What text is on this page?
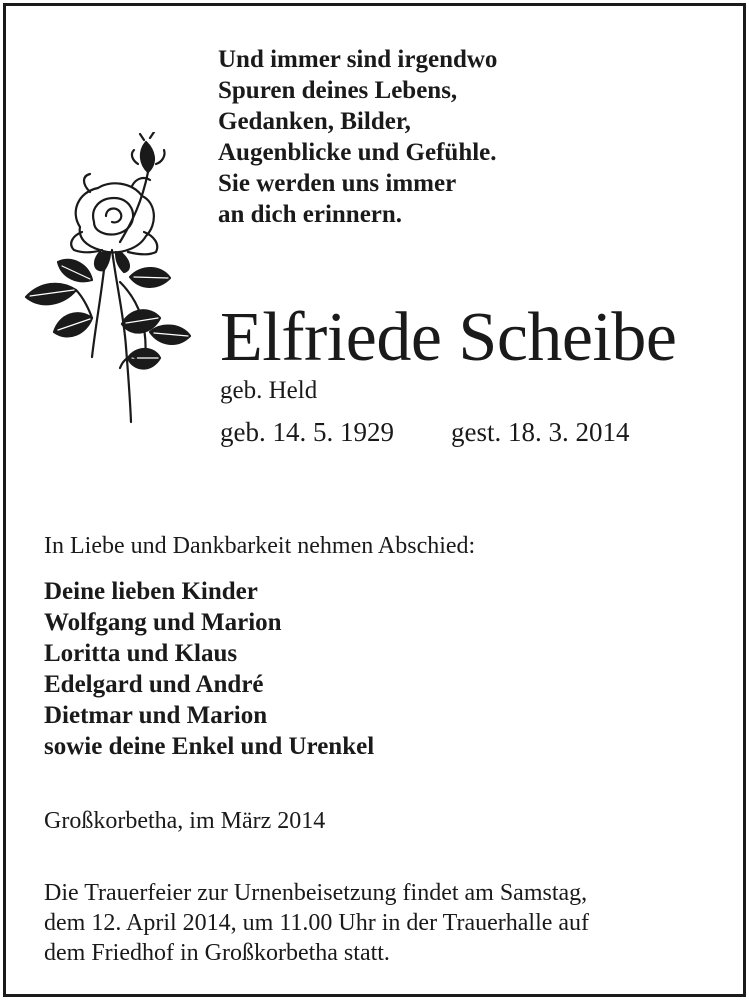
Und immer sind irgendwo
Spuren deines Lebens,
Gedanken, Bilder,
Augenblicke und Gefühle.
Sie werden uns immer
an dich erinnern.
Elfriede Scheibe
geb. Held
geb. 14. 5. 1929 gest. 18. 3. 2014
In Liebe und Dankbarkeit nehmen Abschied:
Deine lieben Kinder
Wolfgang und Marion
Loritta und Klaus
Edelgard und André
Dietmar und Marion
sowie deine Enkel und Urenkel
Großkorbetha, im März 2014
Die Trauerfeier zur Urnenbeisetzung findet am Samstag,
dem 12. April 2014, um 11.00 Uhr in der Trauerhalle auf
dem Friedhof in Großkorbetha statt.
